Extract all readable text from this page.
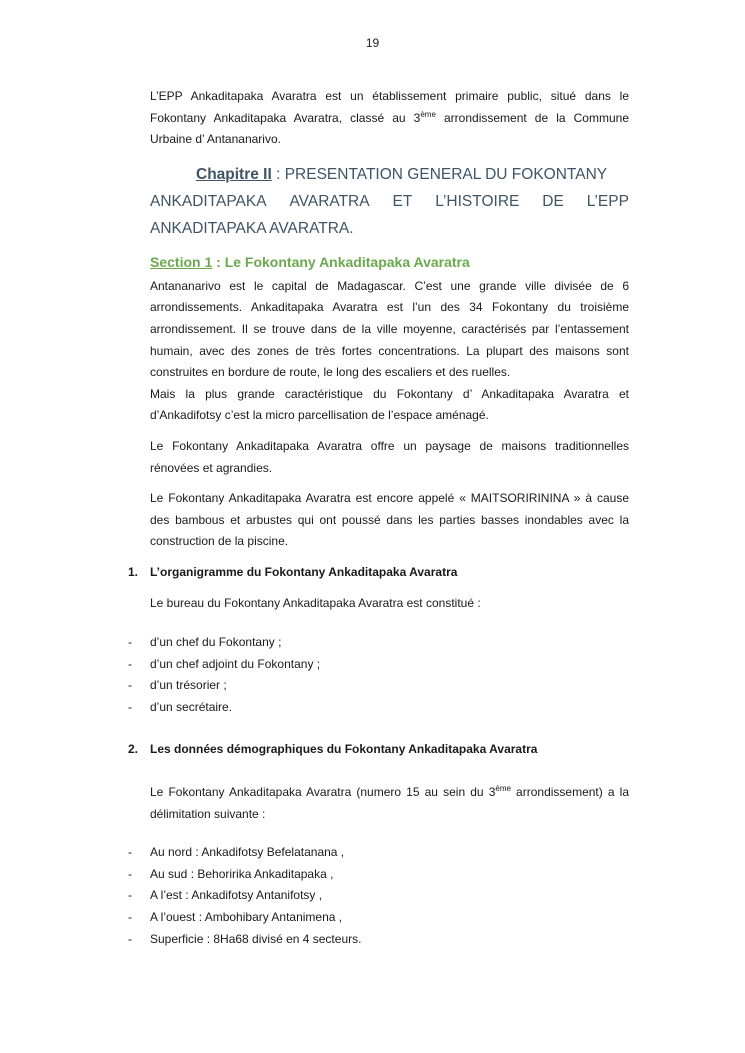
19

L’EPP Ankaditapaka Avaratra est un établissement primaire public, situé dans le Fokontany Ankaditapaka Avaratra, classé au 3ème arrondissement de la Commune Urbaine d’ Antananarivo.

Chapitre II : PRESENTATION GENERAL DU FOKONTANY
ANKADITAPAKA AVARATRA ET L’HISTOIRE DE L’EPP
ANKADITAPAKA AVARATRA.
Section 1 : Le Fokontany Ankaditapaka Avaratra

Antananarivo est le capital de Madagascar. C’est une grande ville divisée de 6 arrondissements. Ankaditapaka Avaratra est l’un des 34 Fokontany du troisième arrondissement. Il se trouve dans de la ville moyenne, caractérisés par l’entassement humain, avec des zones de très fortes concentrations. La plupart des maisons sont construites en bordure de route, le long des escaliers et des ruelles.

Mais la plus grande caractéristique du Fokontany d’ Ankaditapaka Avaratra et d’Ankadifotsy c’est la micro parcellisation de l’espace aménagé.

Le Fokontany Ankaditapaka Avaratra offre un paysage de maisons traditionnelles rénovées et agrandies.

Le Fokontany Ankaditapaka Avaratra est encore appelé « MAITSORIRININA » à cause des bambous et arbustes qui ont poussé dans les parties basses inondables avec la construction de la piscine.

1. L’organigramme du Fokontany Ankaditapaka Avaratra

Le bureau du Fokontany Ankaditapaka Avaratra est constitué :

- d’un chef du Fokontany ;
- d’un chef adjoint du Fokontany ;
- d’un trésorier ;
- d’un secrétaire.

2. Les données démographiques du Fokontany Ankaditapaka Avaratra

Le Fokontany Ankaditapaka Avaratra (numero 15 au sein du 3ème arrondissement) a la délimitation suivante :

- Au nord : Ankadifotsy Befelatanana ,
- Au sud : Behoririka Ankaditapaka ,
- A l’est : Ankadifotsy Antanifotsy ,
- A l’ouest : Ambohibary Antanimena ,
- Superficie : 8Ha68 divisé en 4 secteurs.
